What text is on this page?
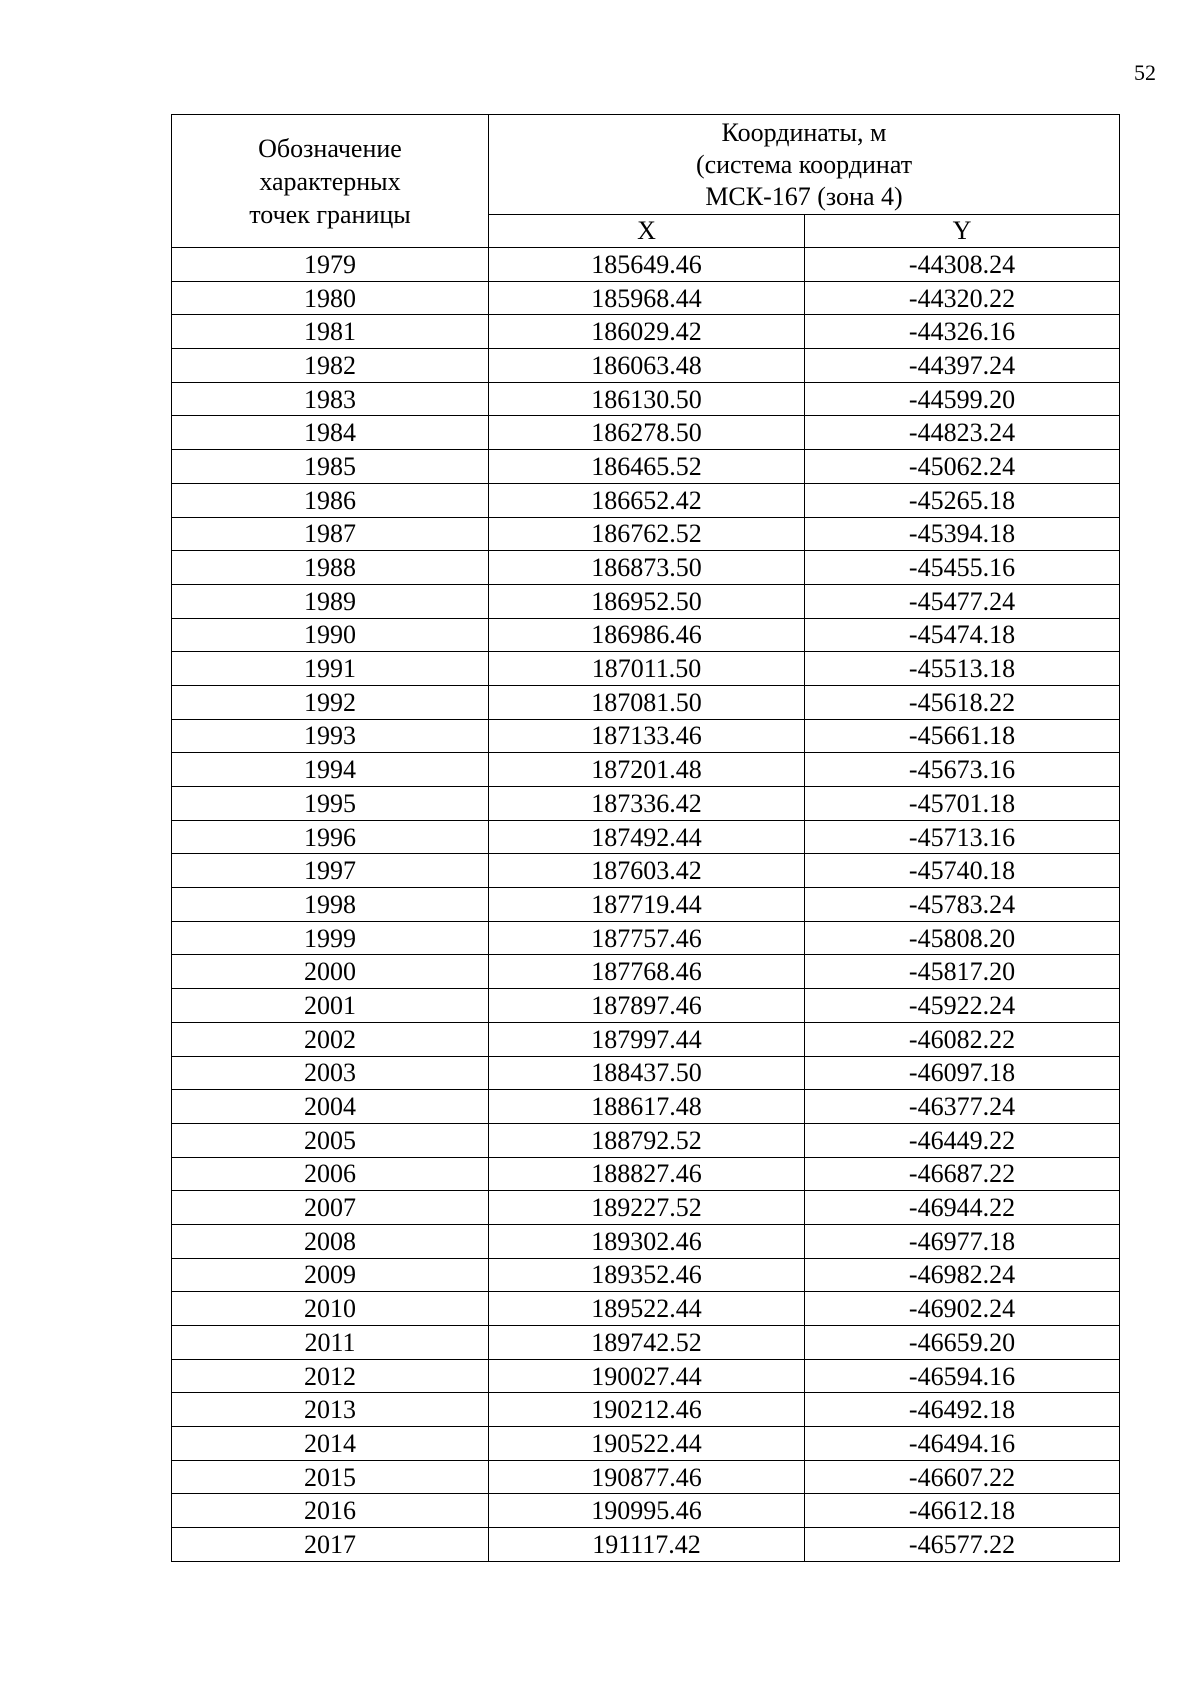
52
Обозначение
характерных
точек границы	Координаты, м
(система координат
МСК-167 (зона 4)	

	X	Y
1979	185649.46	-44308.24
1980	185968.44	-44320.22
1981	186029.42	-44326.16
1982	186063.48	-44397.24
1983	186130.50	-44599.20
1984	186278.50	-44823.24
1985	186465.52	-45062.24
1986	186652.42	-45265.18
1987	186762.52	-45394.18
1988	186873.50	-45455.16
1989	186952.50	-45477.24
1990	186986.46	-45474.18
1991	187011.50	-45513.18
1992	187081.50	-45618.22
1993	187133.46	-45661.18
1994	187201.48	-45673.16
1995	187336.42	-45701.18
1996	187492.44	-45713.16
1997	187603.42	-45740.18
1998	187719.44	-45783.24
1999	187757.46	-45808.20
2000	187768.46	-45817.20
2001	187897.46	-45922.24
2002	187997.44	-46082.22
2003	188437.50	-46097.18
2004	188617.48	-46377.24
2005	188792.52	-46449.22
2006	188827.46	-46687.22
2007	189227.52	-46944.22
2008	189302.46	-46977.18
2009	189352.46	-46982.24
2010	189522.44	-46902.24
2011	189742.52	-46659.20
2012	190027.44	-46594.16
2013	190212.46	-46492.18
2014	190522.44	-46494.16
2015	190877.46	-46607.22
2016	190995.46	-46612.18
2017	191117.42	-46577.22
